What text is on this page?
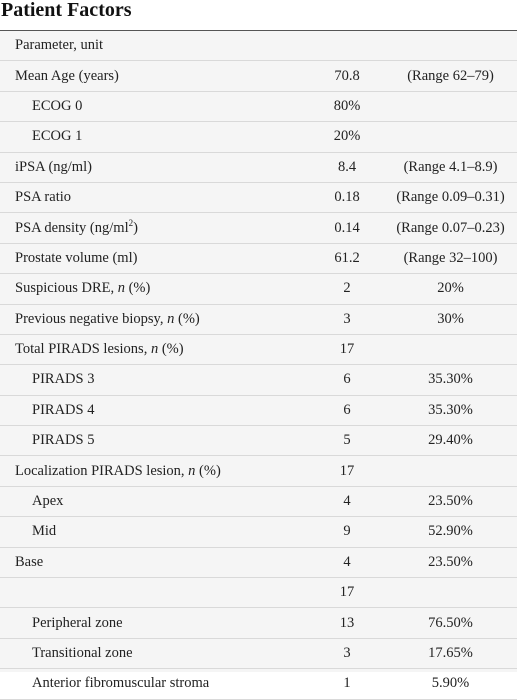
Patient Factors
Parameter, unit		
Mean Age (years)	70.8	(Range 62–79)
ECOG 0	80%	
ECOG 1	20%	
iPSA (ng/ml)	8.4	(Range 4.1–8.9)
PSA ratio	0.18	(Range 0.09–0.31)
PSA density $(ng/ml^2)$	0.14	(Range 0.07–0.23)
Prostate volume (ml)	61.2	(Range 32–100)
Suspicious DRE, n (%)	2	20%
Previous negative biopsy, n (%)	3	30%
Total PIRADS lesions, n (%)	17	
PIRADS 3	6	35.30%
PIRADS 4	6	35.30%
PIRADS 5	5	29.40%
Localization PIRADS lesion, n (%)	17	
Apex	4	23.50%
Mid	9	52.90%
Base	4	23.50%
	17	
Peripheral zone	13	76.50%
Transitional zone	3	17.65%
Anterior fibromuscular stroma	1	5.90%
